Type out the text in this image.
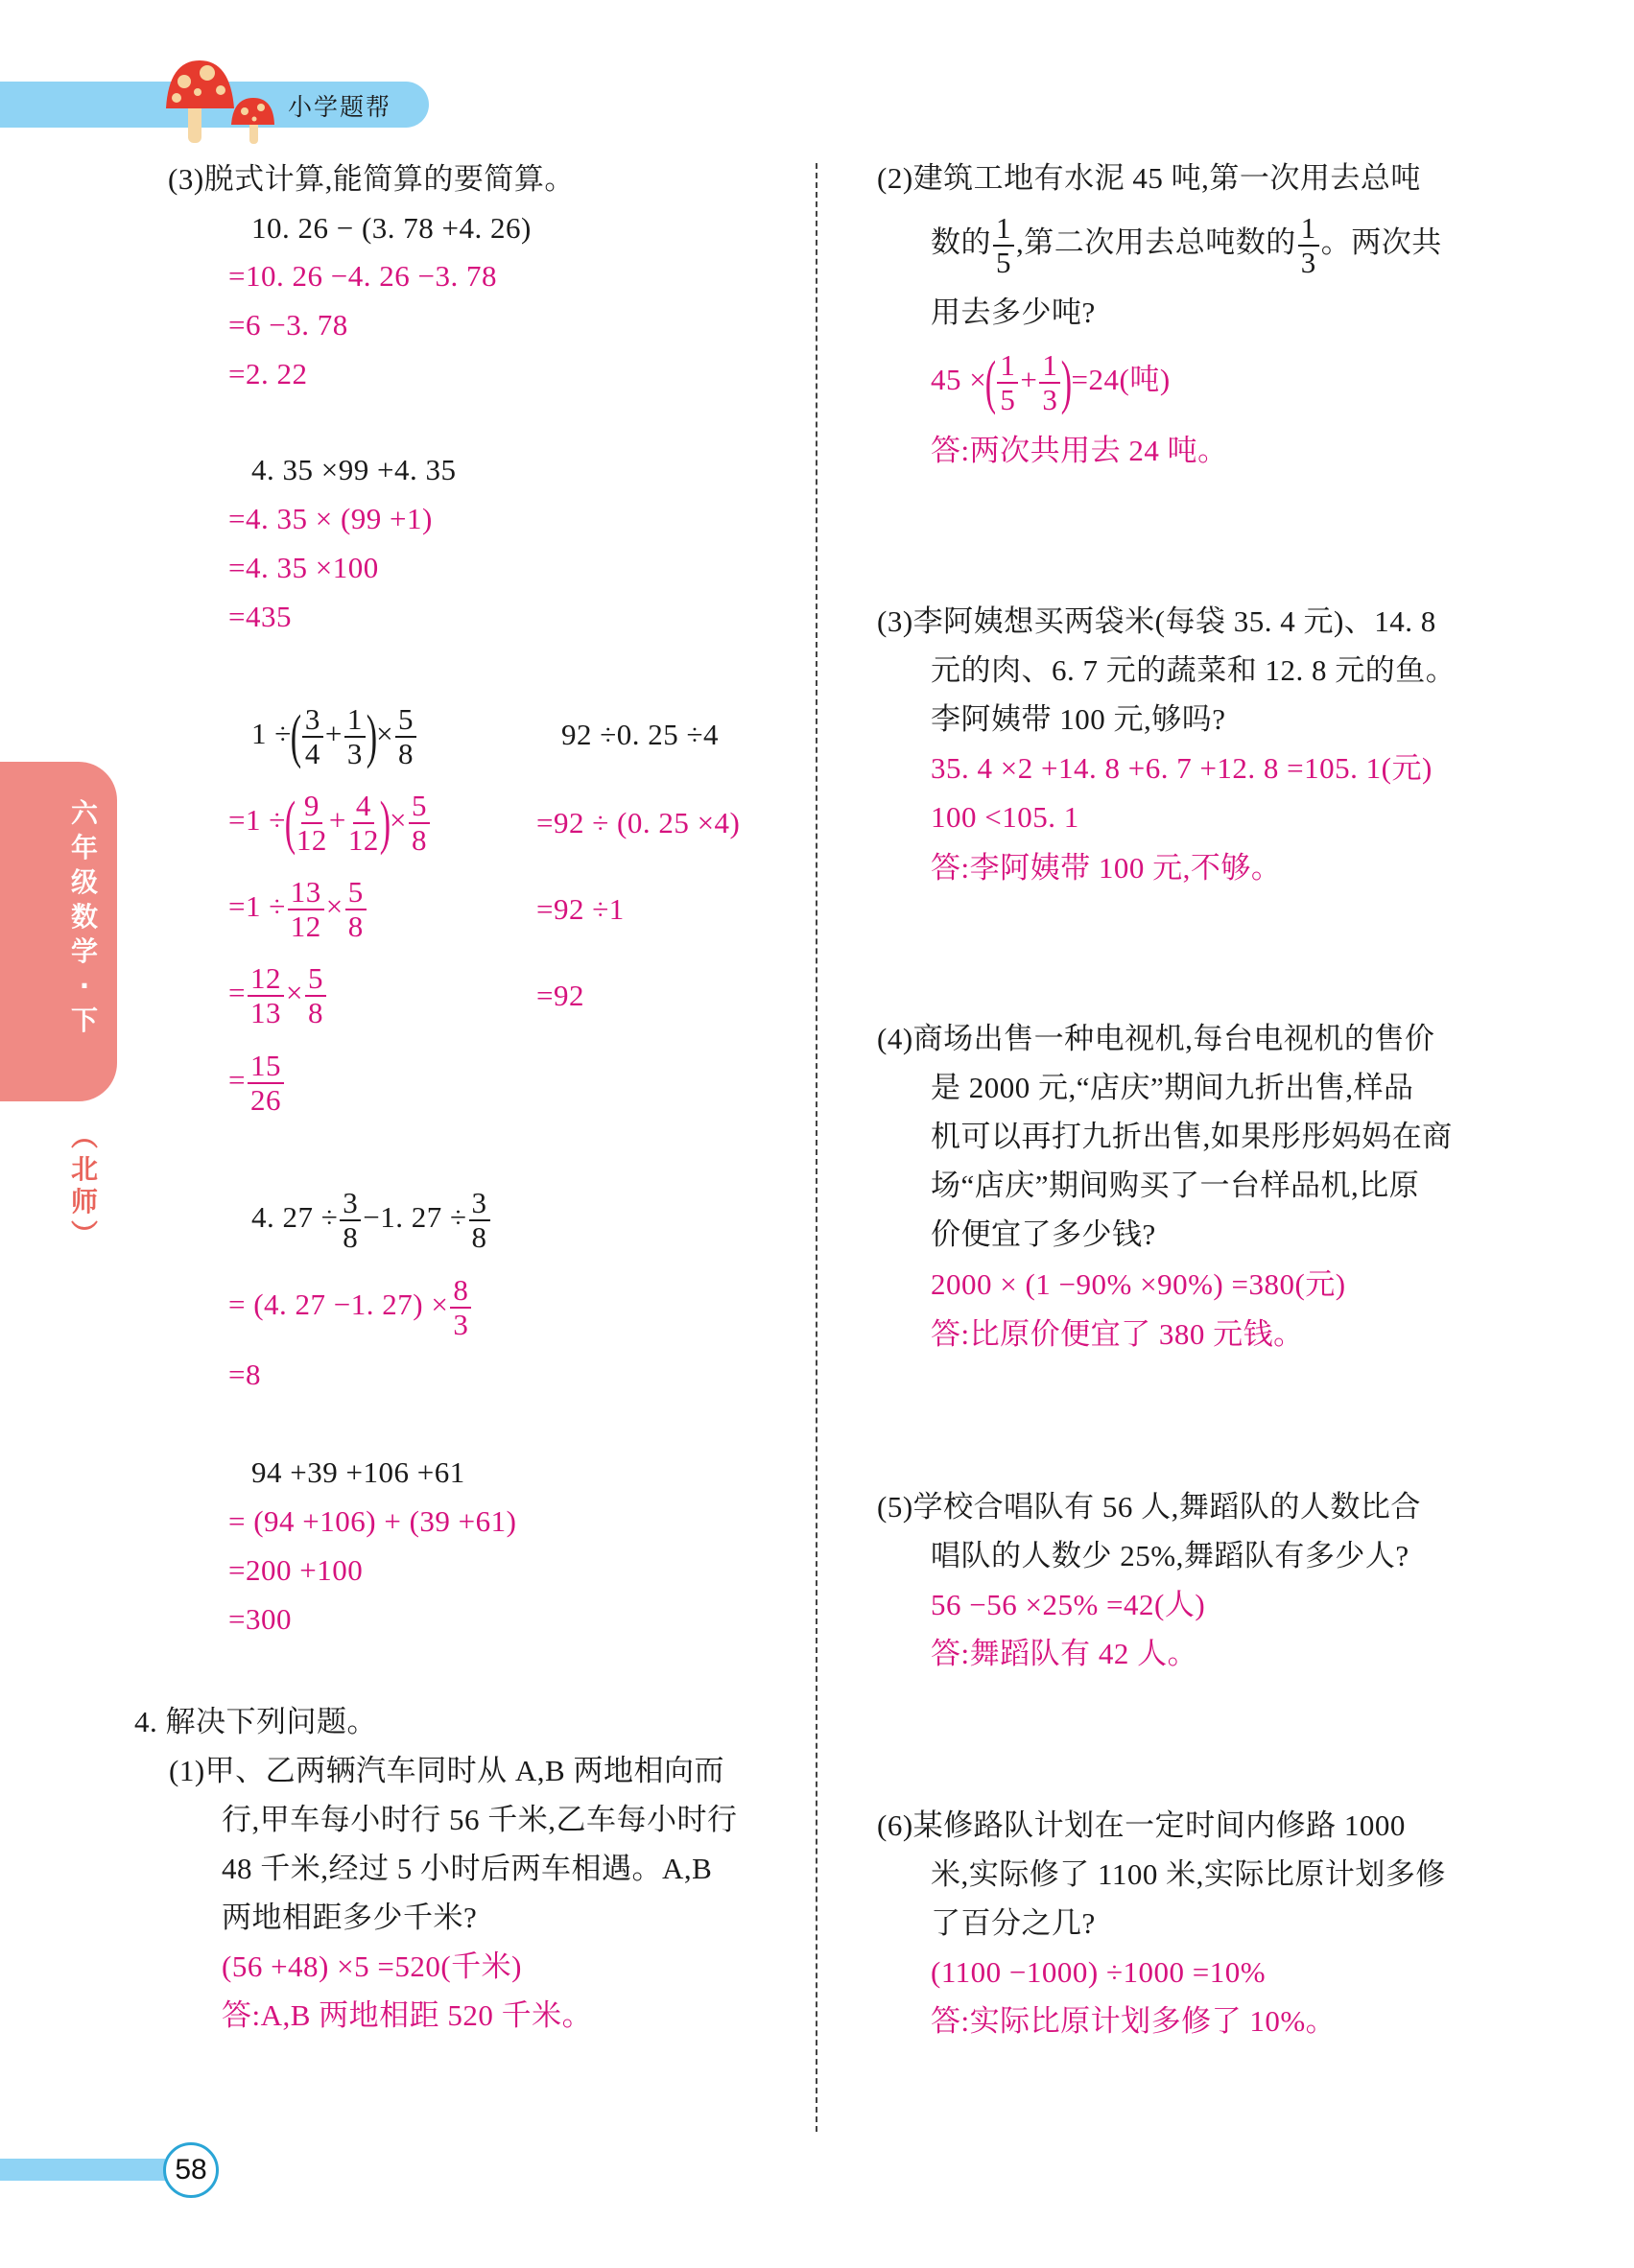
小学题帮
六
年
级
数
学
·
下
︵
北
师
︶
(3)脱式计算,能简算的要简算。
10. 26 − (3. 78 +4. 26)
=10. 26 −4. 26 −3. 78
=6 −3. 78
=2. 22
4. 35 ×99 +4. 35
=4. 35 × (99 +1)
=4. 35 ×100
=435
1 ÷( $\frac{3}{4} + \frac{1}{3}$ )× $\frac{5}{8}$
=1 ÷( $\frac{9}{12} + \frac{4}{12}$ )× $\frac{5}{8}$
$=1 \div \frac{13}{12} \times \frac{5}{8}$
= $\frac{12}{13} \times \frac{5}{8}$
= $\frac{15}{26}$
92 ÷0. 25 ÷4
=92 ÷ (0. 25 ×4)
=92 ÷1
=92
4. $27 \div \frac{3}{8} -1$. $27 \div \frac{3}{8}$
= (4. 27 −1. $27) \times \frac{8}{3}$
=8
94 +39 +106 +61
= (94 +106) + (39 +61)
=200 +100
=300
4. 解决下列问题。
(1)甲、乙两辆汽车同时从 A,B 两地相向而
行,甲车每小时行 56 千米,乙车每小时行
48 千米,经过 5 小时后两车相遇。A,B
两地相距多少千米?
(56 +48) ×5 =520(千米)
答:A,B 两地相距 520 千米。
(2)建筑工地有水泥 45 吨,第一次用去总吨
数的 $\frac{1}{5}$ ,第二次用去总吨数的 $\frac{1}{3}$ 。两次共
用去多少吨?
45 ×( $\frac{1}{5} + \frac{1}{3} )=24$(吨)
答:两次共用去 24 吨。
(3)李阿姨想买两袋米(每袋 35. 4 元)、14. 8
元的肉、6. 7 元的蔬菜和 12. 8 元的鱼。
李阿姨带 100 元,够吗?
35. 4 ×2 +14. 8 +6. 7 +12. 8 =105. 1(元)
100 <105. 1
答:李阿姨带 100 元,不够。
(4)商场出售一种电视机,每台电视机的售价
是 2000 元,“店庆”期间九折出售,样品
机可以再打九折出售,如果彤彤妈妈在商
场“店庆”期间购买了一台样品机,比原
价便宜了多少钱?
2000 × (1 −90% ×90%) =380(元)
答:比原价便宜了 380 元钱。
(5)学校合唱队有 56 人,舞蹈队的人数比合
唱队的人数少 25%,舞蹈队有多少人?
56 −56 ×25% =42(人)
答:舞蹈队有 42 人。
(6)某修路队计划在一定时间内修路 1000
米,实际修了 1100 米,实际比原计划多修
了百分之几?
(1100 −1000) ÷1000 =10%
答:实际比原计划多修了 10%。
58
